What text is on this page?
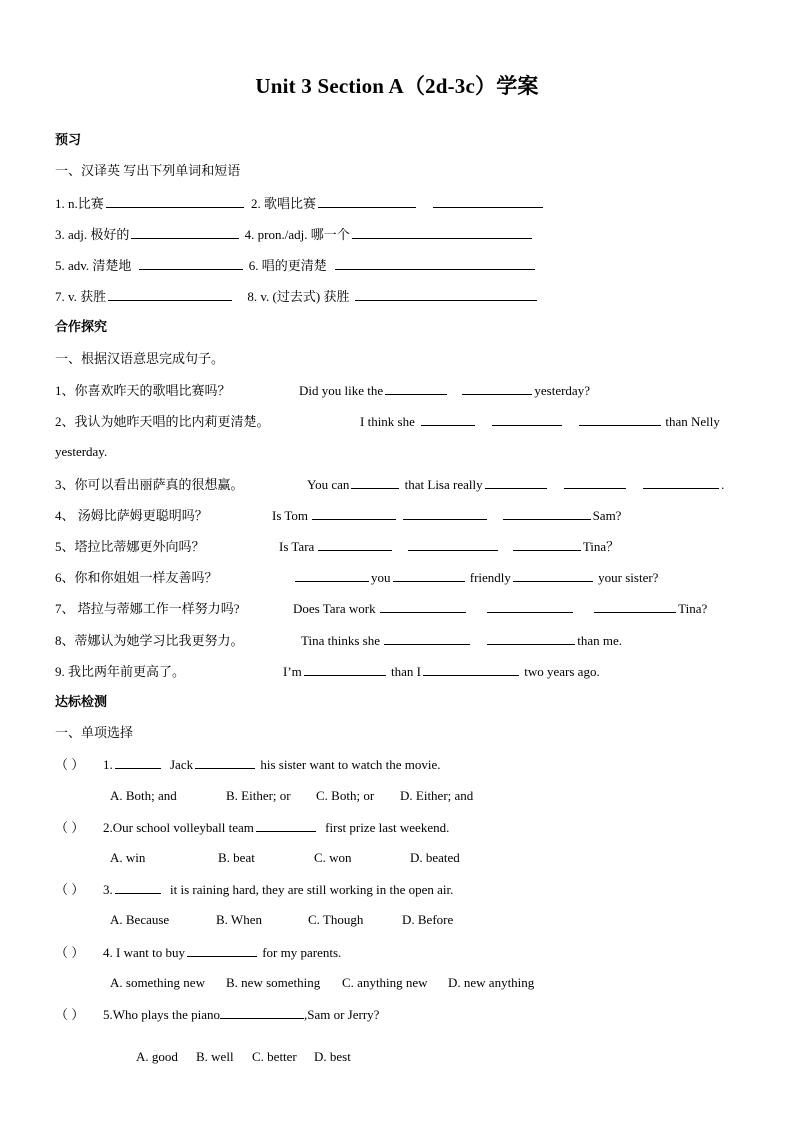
Unit 3 Section A（2d-3c）学案
预习
一、汉译英 写出下列单词和短语
1. n.比赛	2. 歌唱比赛
3. adj. 极好的	4. pron./adj. 哪一个
5. adv. 清楚地	6. 唱的更清楚
7. v. 获胜	8. v. (过去式) 获胜
合作探究
一、根据汉语意思完成句子。
1、你喜欢昨天的歌唱比赛吗？	Did you like the	yesterday?
2、我认为她昨天唱的比内莉更清楚。	I think she	than Nelly
yesterday.
3、你可以看出丽萨真的很想赢。	You can	that Lisa really	.
4、 汤姆比萨姆更聪明吗？	Is Tom	Sam?
5、塔拉比蒂娜更外向吗？	Is Tara	Tina？
6、你和你姐姐一样友善吗？	you	friendly	your sister?
7、 塔拉与蒂娜工作一样努力吗?	Does Tara work	Tina?
8、蒂娜认为她学习比我更努力。	Tina thinks she	than me.
9. 我比两年前更高了。	I’m	than I	two years ago.
达标检测
一、单项选择
（ ） 1.	Jack	his sister want to watch the movie.
A. Both; and	B. Either; or C. Both; or D. Either; and
（ ） 2.Our school volleyball team	first prize last weekend.
A. win	B. beat	C. won	D. beated
（ ） 3.	it is raining hard, they are still working in the open air.
A. Because	B. When	C. Though	D. Before
（ ） 4. I want to buy	for my parents.
A. something new B. new something C. anything new D. new anything
（ ） 5.Who plays the piano	,Sam or Jerry?
A. good B. well C. better D. best
